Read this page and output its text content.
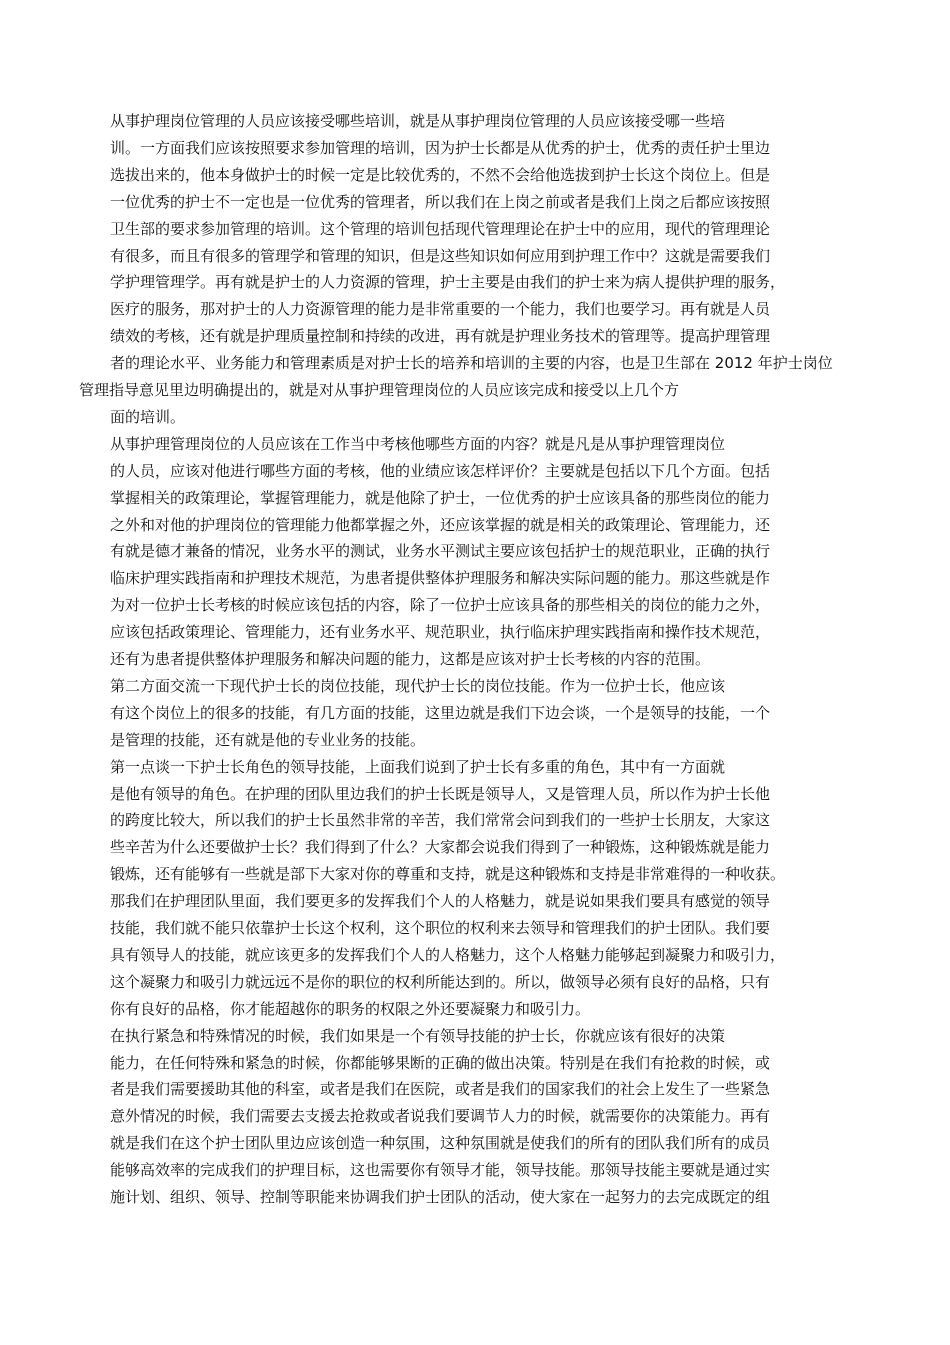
从事护理岗位管理的人员应该接受哪些培训，就是从事护理岗位管理的人员应该接受哪一些培
训。一方面我们应该按照要求参加管理的培训，因为护士长都是从优秀的护士，优秀的责任护士里边
选拔出来的，他本身做护士的时候一定是比较优秀的，不然不会给他选拔到护士长这个岗位上。但是
一位优秀的护士不一定也是一位优秀的管理者，所以我们在上岗之前或者是我们上岗之后都应该按照
卫生部的要求参加管理的培训。这个管理的培训包括现代管理理论在护士中的应用，现代的管理理论
有很多，而且有很多的管理学和管理的知识，但是这些知识如何应用到护理工作中？这就是需要我们
学护理管理学。再有就是护士的人力资源的管理，护士主要是由我们的护士来为病人提供护理的服务，
医疗的服务，那对护士的人力资源管理的能力是非常重要的一个能力，我们也要学习。再有就是人员
绩效的考核，还有就是护理质量控制和持续的改进，再有就是护理业务技术的管理等。提高护理管理
者的理论水平、业务能力和管理素质是对护士长的培养和培训的主要的内容，也是卫生部在 2012 年护士岗位
管理指导意见里边明确提出的，就是对从事护理管理岗位的人员应该完成和接受以上几个方
面的培训。
从事护理管理岗位的人员应该在工作当中考核他哪些方面的内容？就是凡是从事护理管理岗位
的人员，应该对他进行哪些方面的考核，他的业绩应该怎样评价？主要就是包括以下几个方面。包括
掌握相关的政策理论，掌握管理能力，就是他除了护士，一位优秀的护士应该具备的那些岗位的能力
之外和对他的护理岗位的管理能力他都掌握之外，还应该掌握的就是相关的政策理论、管理能力，还
有就是德才兼备的情况，业务水平的测试，业务水平测试主要应该包括护士的规范职业，正确的执行
临床护理实践指南和护理技术规范，为患者提供整体护理服务和解决实际问题的能力。那这些就是作
为对一位护士长考核的时候应该包括的内容，除了一位护士应该具备的那些相关的岗位的能力之外，
应该包括政策理论、管理能力，还有业务水平、规范职业，执行临床护理实践指南和操作技术规范，
还有为患者提供整体护理服务和解决问题的能力，这都是应该对护士长考核的内容的范围。
第二方面交流一下现代护士长的岗位技能，现代护士长的岗位技能。作为一位护士长，他应该
有这个岗位上的很多的技能，有几方面的技能，这里边就是我们下边会谈，一个是领导的技能，一个
是管理的技能，还有就是他的专业业务的技能。
第一点谈一下护士长角色的领导技能，上面我们说到了护士长有多重的角色，其中有一方面就
是他有领导的角色。在护理的团队里边我们的护士长既是领导人，又是管理人员，所以作为护士长他
的跨度比较大，所以我们的护士长虽然非常的辛苦，我们常常会问到我们的一些护士长朋友，大家这
些辛苦为什么还要做护士长？我们得到了什么？大家都会说我们得到了一种锻炼，这种锻炼就是能力
锻炼，还有能够有一些就是部下大家对你的尊重和支持，就是这种锻炼和支持是非常难得的一种收获。
那我们在护理团队里面，我们要更多的发挥我们个人的人格魅力，就是说如果我们要具有感觉的领导
技能，我们就不能只依靠护士长这个权利，这个职位的权利来去领导和管理我们的护士团队。我们要
具有领导人的技能，就应该更多的发挥我们个人的人格魅力，这个人格魅力能够起到凝聚力和吸引力，
这个凝聚力和吸引力就远远不是你的职位的权利所能达到的。所以，做领导必须有良好的品格，只有
你有良好的品格，你才能超越你的职务的权限之外还要凝聚力和吸引力。
在执行紧急和特殊情况的时候，我们如果是一个有领导技能的护士长，你就应该有很好的决策
能力，在任何特殊和紧急的时候，你都能够果断的正确的做出决策。特别是在我们有抢救的时候，或
者是我们需要援助其他的科室，或者是我们在医院，或者是我们的国家我们的社会上发生了一些紧急
意外情况的时候，我们需要去支援去抢救或者说我们要调节人力的时候，就需要你的决策能力。再有
就是我们在这个护士团队里边应该创造一种氛围，这种氛围就是使我们的所有的团队我们所有的成员
能够高效率的完成我们的护理目标，这也需要你有领导才能，领导技能。那领导技能主要就是通过实
施计划、组织、领导、控制等职能来协调我们护士团队的活动，使大家在一起努力的去完成既定的组
